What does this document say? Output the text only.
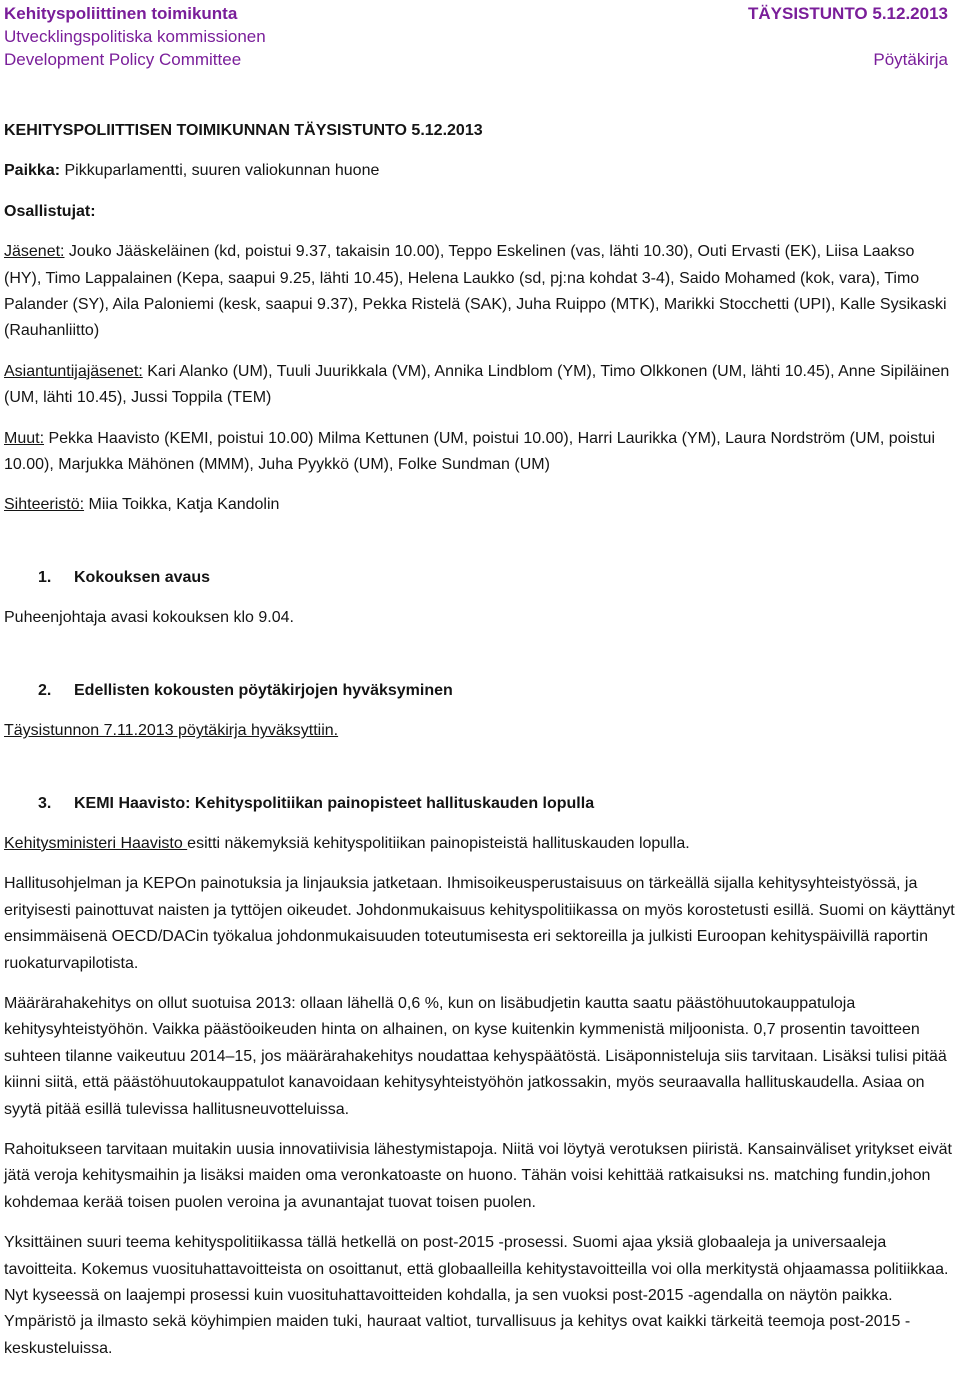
Kehityspoliittinen toimikunta
Utvecklingspolitiska kommissionen
Development Policy Committee
TÄYSISTUNTO 5.12.2013
Pöytäkirja

KEHITYSPOLIITTISEN TOIMIKUNNAN TÄYSISTUNTO 5.12.2013

Paikka: Pikkuparlamentti, suuren valiokunnan huone

Osallistujat:

Jäsenet: Jouko Jääskeläinen (kd, poistui 9.37, takaisin 10.00), Teppo Eskelinen (vas, lähti 10.30), Outi Ervasti (EK), Liisa Laakso (HY), Timo Lappalainen (Kepa, saapui 9.25, lähti 10.45), Helena Laukko (sd, pj:na kohdat 3-4), Saido Mohamed (kok, vara), Timo Palander (SY), Aila Paloniemi (kesk, saapui 9.37), Pekka Ristelä (SAK), Juha Ruippo (MTK), Marikki Stocchetti (UPI), Kalle Sysikaski (Rauhanliitto)

Asiantuntijajäsenet: Kari Alanko (UM), Tuuli Juurikkala (VM), Annika Lindblom (YM), Timo Olkkonen (UM, lähti 10.45), Anne Sipiläinen (UM, lähti 10.45), Jussi Toppila (TEM)

Muut: Pekka Haavisto (KEMI, poistui 10.00) Milma Kettunen (UM, poistui 10.00), Harri Laurikka (YM), Laura Nordström (UM, poistui 10.00), Marjukka Mähönen (MMM), Juha Pyykkö (UM), Folke Sundman (UM)

Sihteeristö: Miia Toikka, Katja Kandolin

1. Kokouksen avaus

Puheenjohtaja avasi kokouksen klo 9.04.

2. Edellisten kokousten pöytäkirjojen hyväksyminen

Täysistunnon 7.11.2013 pöytäkirja hyväksyttiin.

3. KEMI Haavisto: Kehityspolitiikan painopisteet hallituskauden lopulla

Kehitysministeri Haavisto esitti näkemyksiä kehityspolitiikan painopisteistä hallituskauden lopulla.

Hallitusohjelman ja KEPOn painotuksia ja linjauksia jatketaan. Ihmisoikeusperustaisuus on tärkeällä sijalla kehitysyhteistyössä, ja erityisesti painottuvat naisten ja tyttöjen oikeudet. Johdonmukaisuus kehityspolitiikassa on myös korostetusti esillä. Suomi on käyttänyt ensimmäisenä OECD/DACin työkalua johdonmukaisuuden toteutumisesta eri sektoreilla ja julkisti Euroopan kehityspäivillä raportin ruokaturvapilotista.

Määrärahakehitys on ollut suotuisa 2013: ollaan lähellä 0,6 %, kun on lisäbudjetin kautta saatu päästöhuutokauppatuloja kehitysyhteistyöhön. Vaikka päästöoikeuden hinta on alhainen, on kyse kuitenkin kymmenistä miljoonista. 0,7 prosentin tavoitteen suhteen tilanne vaikeutuu 2014–15, jos määrärahakehitys noudattaa kehyspäätöstä. Lisäponnisteluja siis tarvitaan. Lisäksi tulisi pitää kiinni siitä, että päästöhuutokauppatulot kanavoidaan kehitysyhteistyöhön jatkossakin, myös seuraavalla hallituskaudella. Asiaa on syytä pitää esillä tulevissa hallitusneuvotteluissa.

Rahoitukseen tarvitaan muitakin uusia innovatiivisia lähestymistapoja. Niitä voi löytyä verotuksen piiristä. Kansainväliset yritykset eivät jätä veroja kehitysmaihin ja lisäksi maiden oma veronkatoaste on huono. Tähän voisi kehittää ratkaisuksi ns. matching fundin,johon kohdemaa kerää toisen puolen veroina ja avunantajat tuovat toisen puolen.

Yksittäinen suuri teema kehityspolitiikassa tällä hetkellä on post-2015 -prosessi. Suomi ajaa yksiä globaaleja ja universaaleja tavoitteita. Kokemus vuosituhattavoitteista on osoittanut, että globaalleilla kehitystavoitteilla voi olla merkitystä ohjaamassa politiikkaa. Nyt kyseessä on laajempi prosessi kuin vuosituhattavoitteiden kohdalla, ja sen vuoksi post-2015 -agendalla on näytön paikka. Ympäristö ja ilmasto sekä köyhimpien maiden tuki, hauraat valtiot, turvallisuus ja kehitys ovat kaikki tärkeitä teemoja post-2015 -keskusteluissa.
